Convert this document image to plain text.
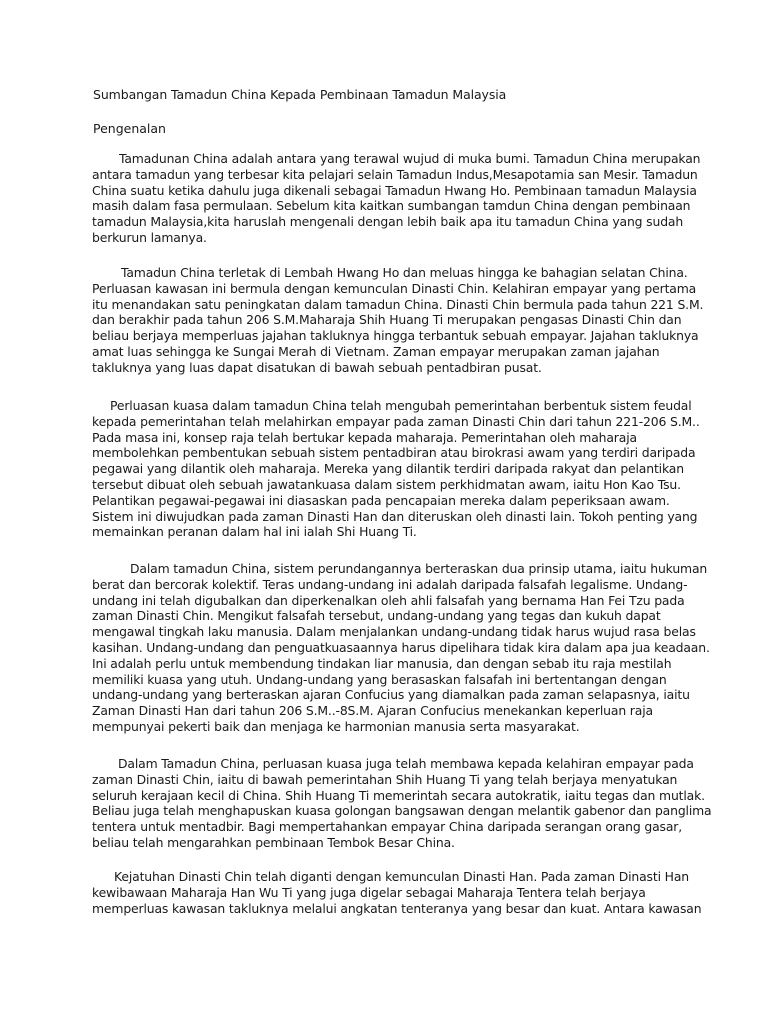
Sumbangan Tamadun China Kepada Pembinaan Tamadun Malaysia
Pengenalan
Tamadunan China adalah antara yang terawal wujud di muka bumi. Tamadun China merupakan
antara tamadun yang terbesar kita pelajari selain Tamadun Indus,Mesapotamia san Mesir. Tamadun
China suatu ketika dahulu juga dikenali sebagai Tamadun Hwang Ho. Pembinaan tamadun Malaysia
masih dalam fasa permulaan. Sebelum kita kaitkan sumbangan tamdun China dengan pembinaan
tamadun Malaysia,kita haruslah mengenali dengan lebih baik apa itu tamadun China yang sudah
berkurun lamanya.
Tamadun China terletak di Lembah Hwang Ho dan meluas hingga ke bahagian selatan China.
Perluasan kawasan ini bermula dengan kemunculan Dinasti Chin. Kelahiran empayar yang pertama
itu menandakan satu peningkatan dalam tamadun China. Dinasti Chin bermula pada tahun 221 S.M.
dan berakhir pada tahun 206 S.M.Maharaja Shih Huang Ti merupakan pengasas Dinasti Chin dan
beliau berjaya memperluas jajahan takluknya hingga terbantuk sebuah empayar. Jajahan takluknya
amat luas sehingga ke Sungai Merah di Vietnam. Zaman empayar merupakan zaman jajahan
takluknya yang luas dapat disatukan di bawah sebuah pentadbiran pusat.
Perluasan kuasa dalam tamadun China telah mengubah pemerintahan berbentuk sistem feudal
kepada pemerintahan telah melahirkan empayar pada zaman Dinasti Chin dari tahun 221-206 S.M..
Pada masa ini, konsep raja telah bertukar kepada maharaja. Pemerintahan oleh maharaja
membolehkan pembentukan sebuah sistem pentadbiran atau birokrasi awam yang terdiri daripada
pegawai yang dilantik oleh maharaja. Mereka yang dilantik terdiri daripada rakyat dan pelantikan
tersebut dibuat oleh sebuah jawatankuasa dalam sistem perkhidmatan awam, iaitu Hon Kao Tsu.
Pelantikan pegawai-pegawai ini diasaskan pada pencapaian mereka dalam peperiksaan awam.
Sistem ini diwujudkan pada zaman Dinasti Han dan diteruskan oleh dinasti lain. Tokoh penting yang
memainkan peranan dalam hal ini ialah Shi Huang Ti.
Dalam tamadun China, sistem perundangannya berteraskan dua prinsip utama, iaitu hukuman
berat dan bercorak kolektif. Teras undang-undang ini adalah daripada falsafah legalisme. Undang-
undang ini telah digubalkan dan diperkenalkan oleh ahli falsafah yang bernama Han Fei Tzu pada
zaman Dinasti Chin. Mengikut falsafah tersebut, undang-undang yang tegas dan kukuh dapat
mengawal tingkah laku manusia. Dalam menjalankan undang-undang tidak harus wujud rasa belas
kasihan. Undang-undang dan penguatkuasaannya harus dipelihara tidak kira dalam apa jua keadaan.
Ini adalah perlu untuk membendung tindakan liar manusia, dan dengan sebab itu raja mestilah
memiliki kuasa yang utuh. Undang-undang yang berasaskan falsafah ini bertentangan dengan
undang-undang yang berteraskan ajaran Confucius yang diamalkan pada zaman selapasnya, iaitu
Zaman Dinasti Han dari tahun 206 S.M..-8S.M. Ajaran Confucius menekankan keperluan raja
mempunyai pekerti baik dan menjaga ke harmonian manusia serta masyarakat.
Dalam Tamadun China, perluasan kuasa juga telah membawa kepada kelahiran empayar pada
zaman Dinasti Chin, iaitu di bawah pemerintahan Shih Huang Ti yang telah berjaya menyatukan
seluruh kerajaan kecil di China. Shih Huang Ti memerintah secara autokratik, iaitu tegas dan mutlak.
Beliau juga telah menghapuskan kuasa golongan bangsawan dengan melantik gabenor dan panglima
tentera untuk mentadbir. Bagi mempertahankan empayar China daripada serangan orang gasar,
beliau telah mengarahkan pembinaan Tembok Besar China.
Kejatuhan Dinasti Chin telah diganti dengan kemunculan Dinasti Han. Pada zaman Dinasti Han
kewibawaan Maharaja Han Wu Ti yang juga digelar sebagai Maharaja Tentera telah berjaya
memperluas kawasan takluknya melalui angkatan tenteranya yang besar dan kuat. Antara kawasan
